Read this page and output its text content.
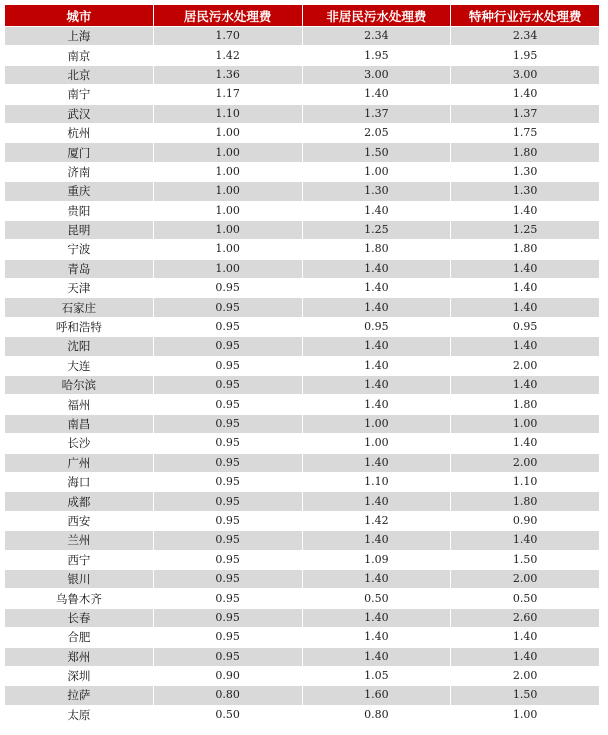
城市	居民污水处理费	非居民污水处理费	特种行业污水处理费
上海	1.70	2.34	2.34
南京	1.42	1.95	1.95
北京	1.36	3.00	3.00
南宁	1.17	1.40	1.40
武汉	1.10	1.37	1.37
杭州	1.00	2.05	1.75
厦门	1.00	1.50	1.80
济南	1.00	1.00	1.30
重庆	1.00	1.30	1.30
贵阳	1.00	1.40	1.40
昆明	1.00	1.25	1.25
宁波	1.00	1.80	1.80
青岛	1.00	1.40	1.40
天津	0.95	1.40	1.40
石家庄	0.95	1.40	1.40
呼和浩特	0.95	0.95	0.95
沈阳	0.95	1.40	1.40
大连	0.95	1.40	2.00
哈尔滨	0.95	1.40	1.40
福州	0.95	1.40	1.80
南昌	0.95	1.00	1.00
长沙	0.95	1.00	1.40
广州	0.95	1.40	2.00
海口	0.95	1.10	1.10
成都	0.95	1.40	1.80
西安	0.95	1.42	0.90
兰州	0.95	1.40	1.40
西宁	0.95	1.09	1.50
银川	0.95	1.40	2.00
乌鲁木齐	0.95	0.50	0.50
长春	0.95	1.40	2.60
合肥	0.95	1.40	1.40
郑州	0.95	1.40	1.40
深圳	0.90	1.05	2.00
拉萨	0.80	1.60	1.50
太原	0.50	0.80	1.00
